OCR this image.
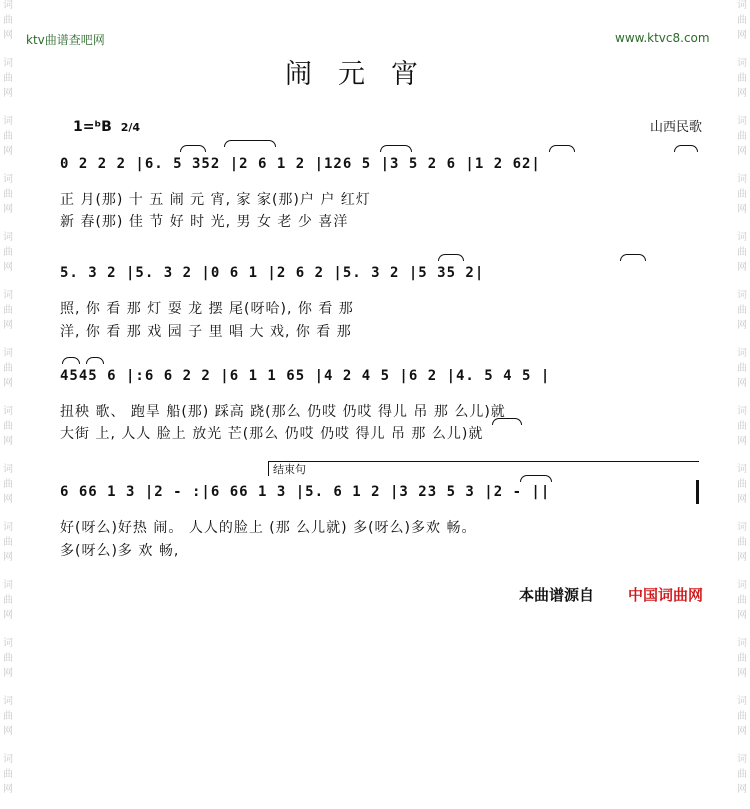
词
曲
网
词
曲
网
词
曲
网
词
曲
网
词
曲
网
词
曲
网
词
曲
网
词
曲
网
词
曲
网
词
曲
网
词
曲
网
词
曲
网
词
曲
网
词
曲
网
词
曲
网
词
曲
网
词
曲
网
词
曲
网
词
曲
网
词
曲
网
词
曲
网
词
曲
网
词
曲
网
词
曲
网
词
曲
网
词
曲
网
词
曲
网
词
曲
网
ktv曲谱查吧网	www.ktvc8.com
闹元宵
1=ᵇB 2/4	山西民歌
0 2 2 2 |6. 5 352 |2 6 1 2 |126 5 |3 5 2 6 |1 2 62|
正 月(那) 十 五 闹 元 宵, 家 家(那)户 户 红灯
新 春(那) 佳 节 好 时 光, 男 女 老 少 喜洋
5. 3 2 |5. 3 2 |0 6 1 |2 6 2 |5. 3 2 |5 35 2|
照, 你 看 那 灯 耍 龙 摆 尾(呀哈), 你 看 那
洋, 你 看 那 戏 园 子 里 唱 大 戏, 你 看 那
4545 6 |:6 6 2 2 |6 1 1 65 |4 2 4 5 |6 2 |4. 5 4 5 |
扭秧 歌、 跑旱 船(那) 踩高 跷(那么 仍哎 仍哎 得儿 吊 那 么儿)就
大街 上, 人人 脸上 放光 芒(那么 仍哎 仍哎 得儿 吊 那 么儿)就
结束句
6 66 1 3 |2 - :|6 66 1 3 |5. 6 1 2 |3 23 5 3 |2 - ||
好(呀么)好热 闹。 人人的脸上 (那 么儿就) 多(呀么)多欢 畅。
多(呀么)多 欢 畅,
本曲谱源自 中国词曲网
